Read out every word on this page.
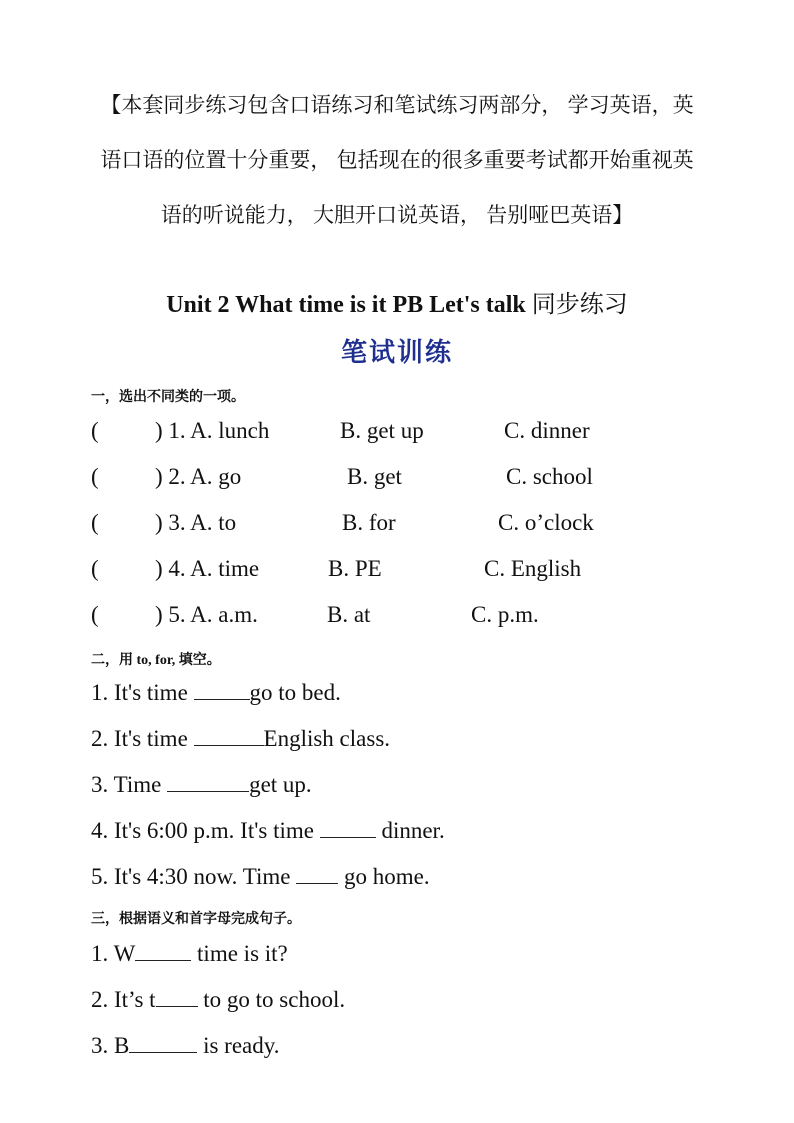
【本套同步练习包含口语练习和笔试练习两部分， 学习英语，英
语口语的位置十分重要， 包括现在的很多重要考试都开始重视英
语的听说能力， 大胆开口说英语， 告别哑巴英语】
Unit 2 What time is it PB Let's talk 同步练习
笔试训练
一，选出不同类的一项。
( ) 1. A. lunch	B. get up	C. dinner
( ) 2. A. go	B. get	C. school
( ) 3. A. to	B. for	C. o’clock
( ) 4. A. time	B. PE	C. English
( ) 5. A. a.m.	B. at	C. p.m.
二，用 to, for, 填空。
1. It's time go to bed.
2. It's time	English class.
3. Time	get up.
4. It's 6:00 p.m. It's time  dinner.
5. It's 4:30 now. Time  go home.
三，根据语义和首字母完成句子。
1. W time is it?
2. It’s t to go to school.
3. B	is ready.
